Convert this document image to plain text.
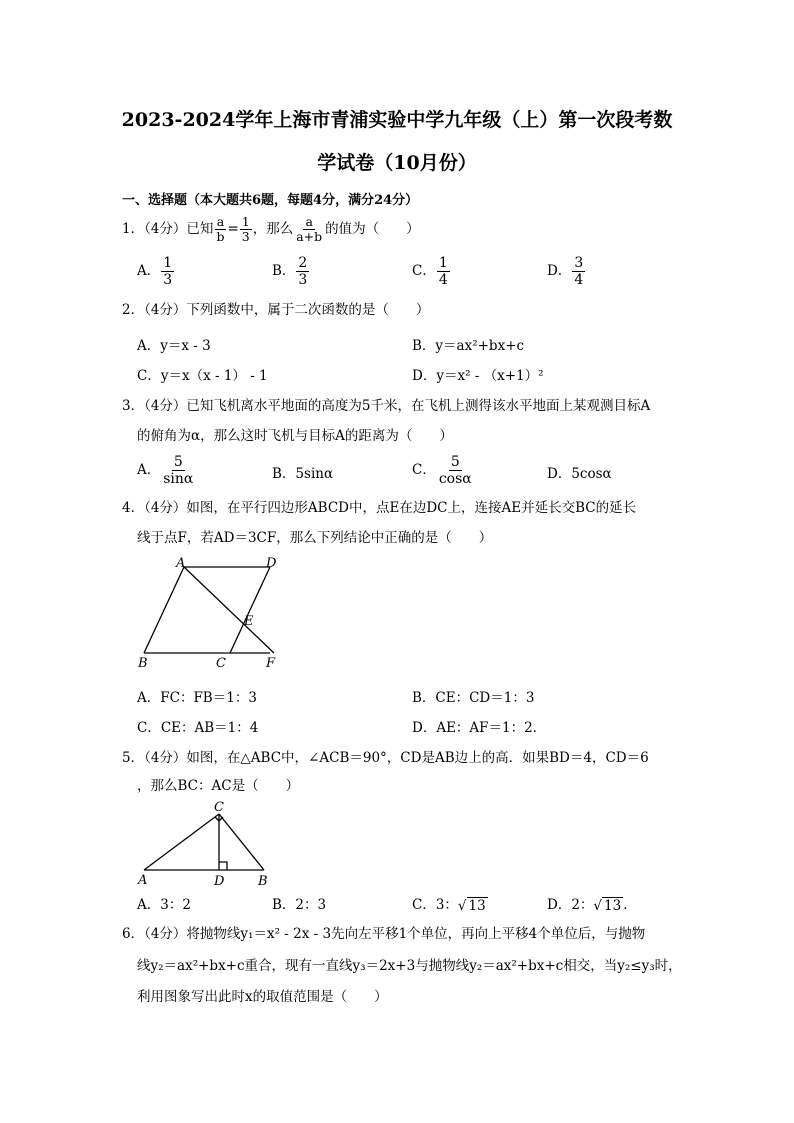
2023-2024学年上海市青浦实验中学九年级（上）第一次段考数
学试卷（10月份）
一、选择题（本大题共6题，每题4分，满分24分）
1．（4分）已知 $\frac{a}{b} = \frac{1}{3}$ ，那么 $\frac{a}{a+b}$ 的值为（　　）
A． $\frac{1}{3}$	B． $\frac{2}{3}$	C． $\frac{1}{4}$	D． $\frac{3}{4}$
2．（4分）下列函数中，属于二次函数的是（　　）
A．y＝x - 3	B．y＝ax²+bx+c
C．y＝x（x - 1） - 1	D．y＝x² - （x+1）²
3．（4分）已知飞机离水平地面的高度为5千米，在飞机上测得该水平地面上某观测目标A
的俯角为α，那么这时飞机与目标A的距离为（　　）
A． $\frac{5}{\sin\alpha}$	B．5sinα	C． $\frac{5}{\cos\alpha}$	D．5cosα
4．（4分）如图，在平行四边形ABCD中，点E在边DC上，连接AE并延长交BC的延长
线于点F，若AD＝3CF，那么下列结论中正确的是（　　）
A	D
E
B	C	F
A．FC：FB＝1：3	B．CE：CD＝1：3
C．CE：AB＝1：4	D．AE：AF＝1：2．
5．（4分）如图，在△ABC中，∠ACB＝90°，CD是AB边上的高．如果BD＝4，CD＝6
，那么BC：AC是（　　）
C
A	D	B
A．3：2	B．2：3	C．3：√ 13	D．2：√ 13 ．
6．（4分）将抛物线y₁＝x² - 2x - 3先向左平移1个单位，再向上平移4个单位后，与抛物
线y₂＝ax²+bx+c重合，现有一直线y₃＝2x+3与抛物线y₂＝ax²+bx+c相交，当y₂≤y₃时，
利用图象写出此时x的取值范围是（　　）
